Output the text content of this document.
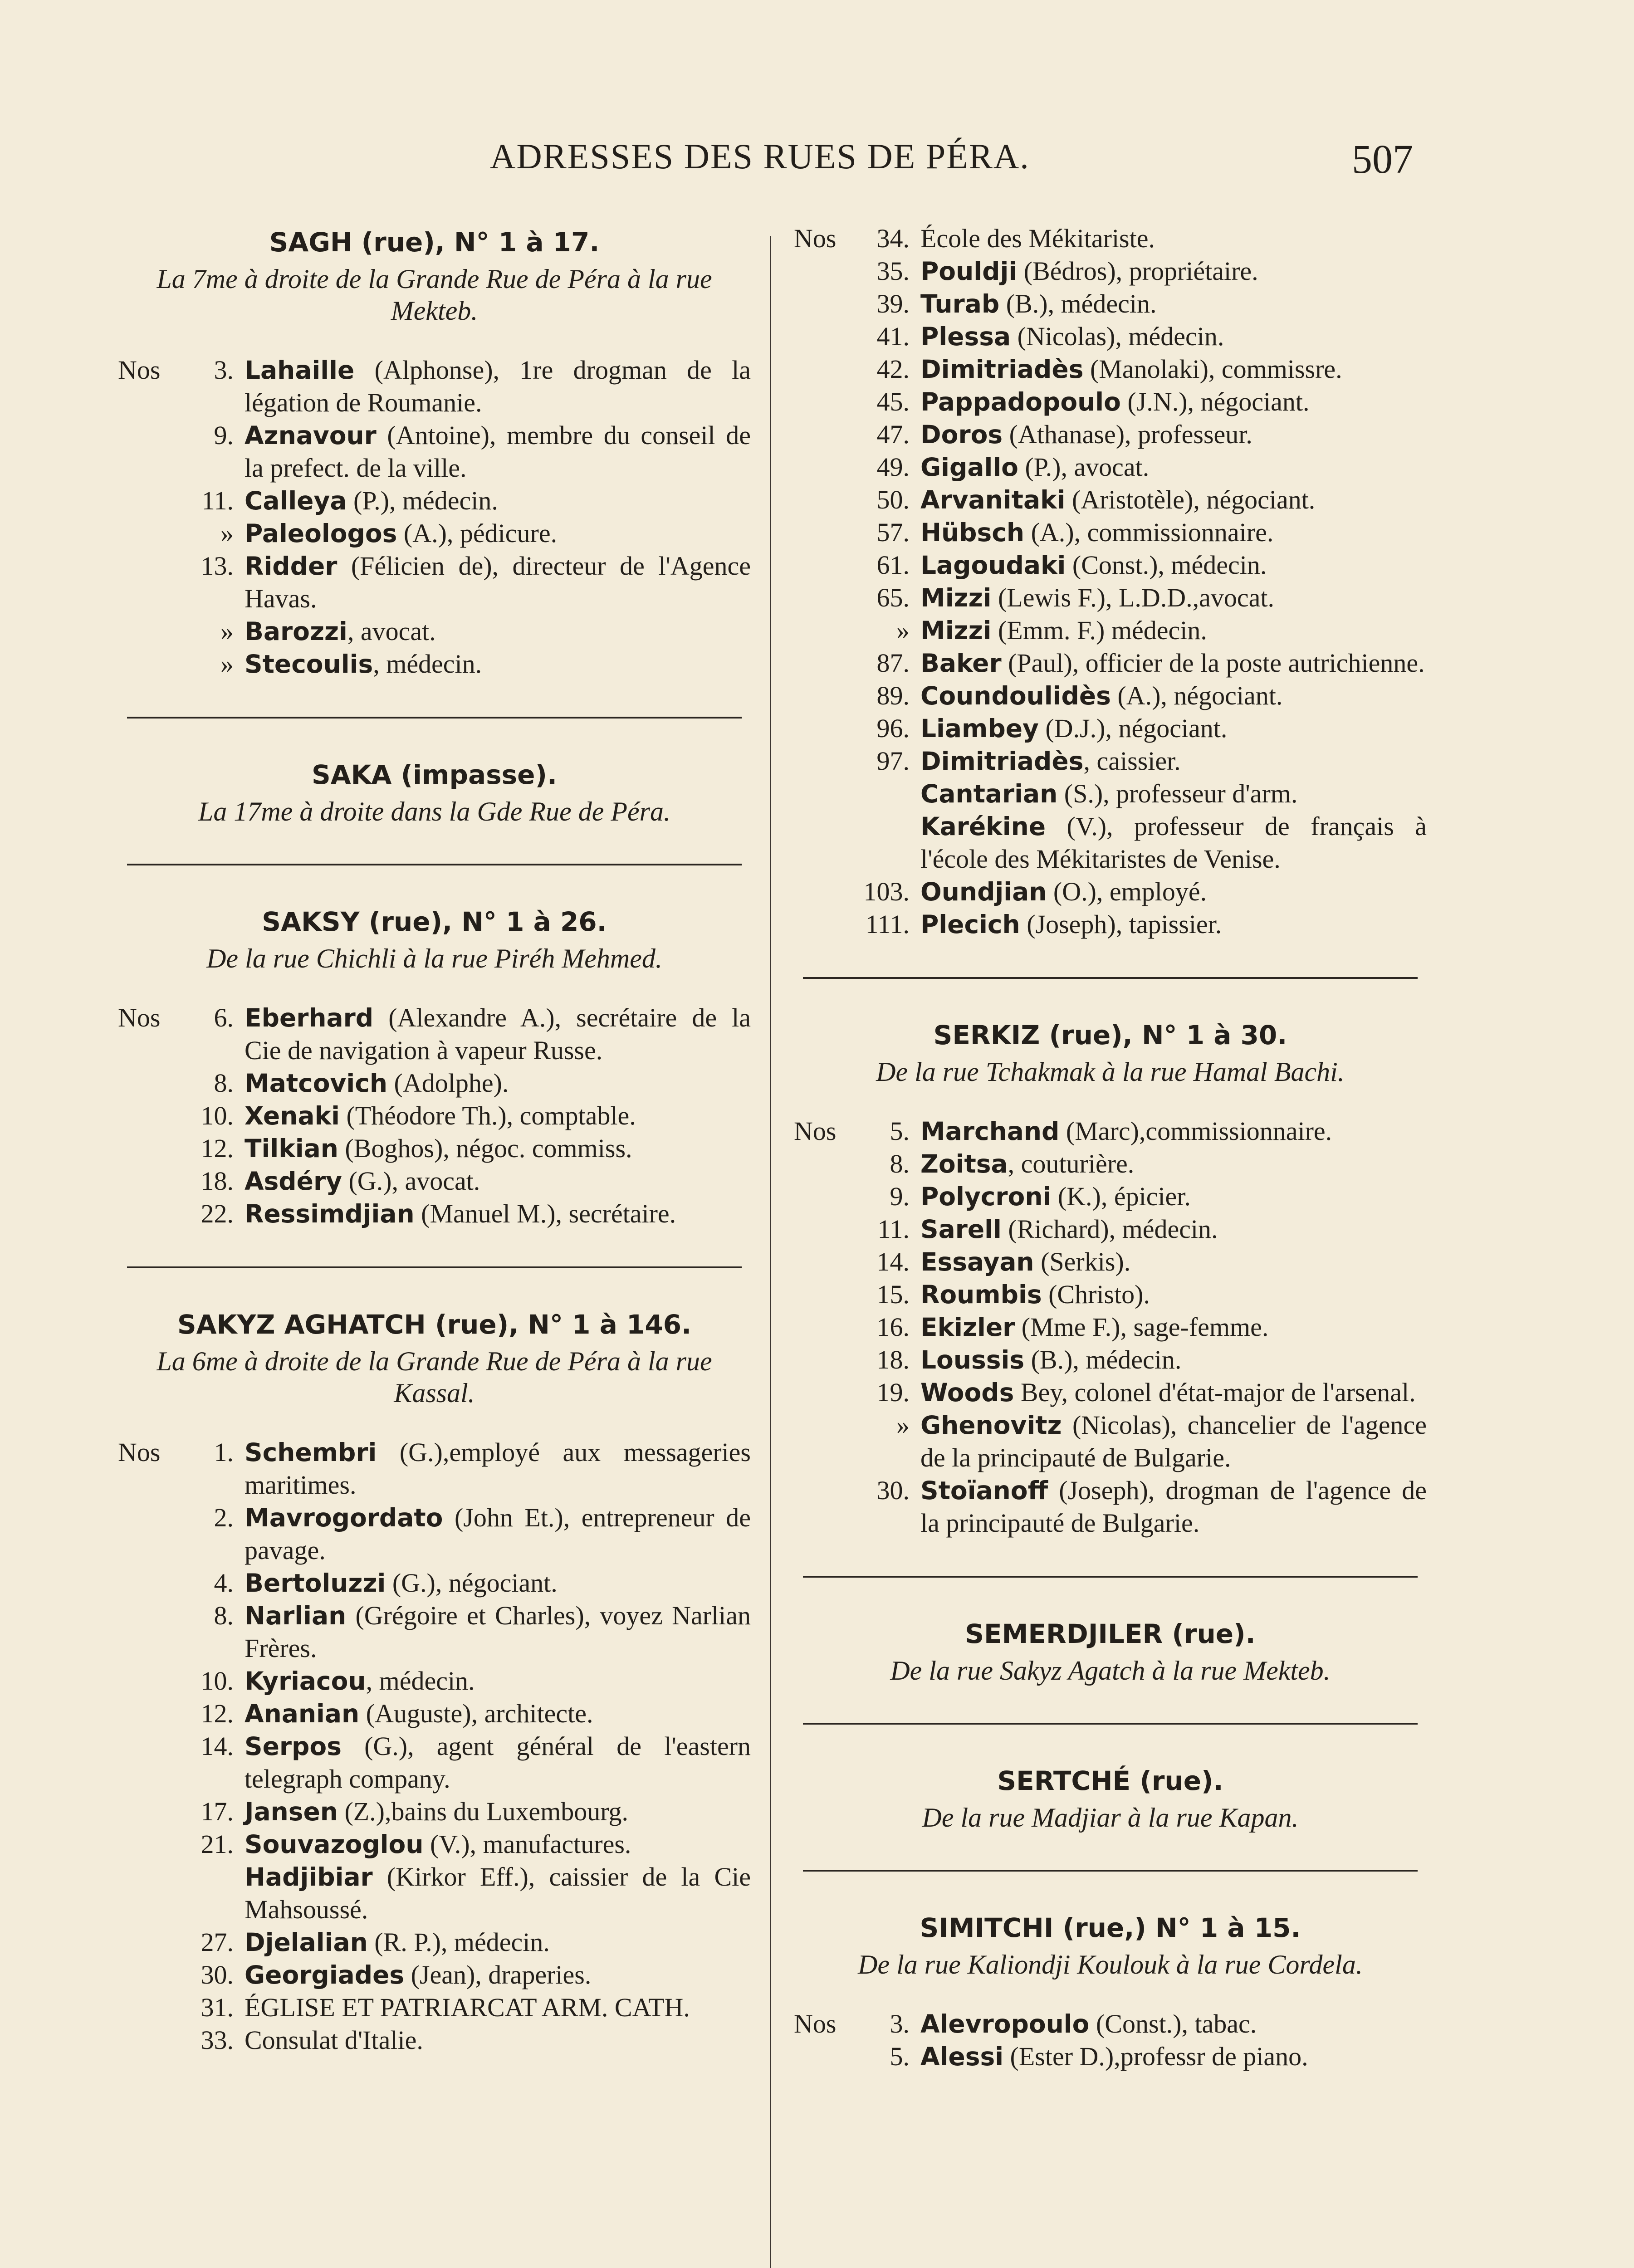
ADRESSES DES RUES DE PÉRA.	507
SAGH (rue), N° 1 à 17.
La 7me à droite de la Grande Rue de Péra à la rue Mekteb.
Nos	3. Lahaille (Alphonse), 1re drogman de la légation de Roumanie.
9. Aznavour (Antoine), membre du conseil de la prefect. de la ville.
11. Calleya (P.), médecin.
» Paleologos (A.), pédicure.
13. Ridder (Félicien de), directeur de l'Agence Havas.
» Barozzi, avocat.
» Stecoulis, médecin.
SAKA (impasse).
La 17me à droite dans la Gde Rue de Péra.
SAKSY (rue), N° 1 à 26.
De la rue Chichli à la rue Piréh Mehmed.
Nos	6. Eberhard (Alexandre A.), secrétaire de la Cie de navigation à vapeur Russe.
8. Matcovich (Adolphe).
10. Xenaki (Théodore Th.), comptable.
12. Tilkian (Boghos), négoc. commiss.
18. Asdéry (G.), avocat.
22. Ressimdjian (Manuel M.), secrétaire.
SAKYZ AGHATCH (rue), N° 1 à 146.
La 6me à droite de la Grande Rue de Péra à la rue Kassal.
Nos	1. Schembri (G.),employé aux messageries maritimes.
2. Mavrogordato (John Et.), entrepreneur de pavage.
4. Bertoluzzi (G.), négociant.
8. Narlian (Grégoire et Charles), voyez Narlian Frères.
10. Kyriacou, médecin.
12. Ananian (Auguste), architecte.
14. Serpos (G.), agent général de l'eastern telegraph company.
17. Jansen (Z.),bains du Luxembourg.
21. Souvazoglou (V.), manufactures.
Hadjibiar (Kirkor Eff.), caissier de la Cie Mahsoussé.
27. Djelalian (R. P.), médecin.
30. Georgiades (Jean), draperies.
31. ÉGLISE ET PATRIARCAT ARM. CATH.
33. Consulat d'Italie.
Nos	34. École des Mékitariste.
35. Pouldji (Bédros), propriétaire.
39. Turab (B.), médecin.
41. Plessa (Nicolas), médecin.
42. Dimitriadès (Manolaki), commissre.
45. Pappadopoulo (J.N.), négociant.
47. Doros (Athanase), professeur.
49. Gigallo (P.), avocat.
50. Arvanitaki (Aristotèle), négociant.
57. Hübsch (A.), commissionnaire.
61. Lagoudaki (Const.), médecin.
65. Mizzi (Lewis F.), L.D.D.,avocat.
» Mizzi (Emm. F.) médecin.
87. Baker (Paul), officier de la poste autrichienne.
89. Coundoulidès (A.), négociant.
96. Liambey (D.J.), négociant.
97. Dimitriadès, caissier.
Cantarian (S.), professeur d'arm.
Karékine (V.), professeur de français à l'école des Mékitaristes de Venise.
103. Oundjian (O.), employé.
111. Plecich (Joseph), tapissier.
SERKIZ (rue), N° 1 à 30.
De la rue Tchakmak à la rue Hamal Bachi.
Nos	5. Marchand (Marc),commissionnaire.
8. Zoitsa, couturière.
9. Polycroni (K.), épicier.
11. Sarell (Richard), médecin.
14. Essayan (Serkis).
15. Roumbis (Christo).
16. Ekizler (Mme F.), sage-femme.
18. Loussis (B.), médecin.
19. Woods Bey, colonel d'état-major de l'arsenal.
» Ghenovitz (Nicolas), chancelier de l'agence de la principauté de Bulgarie.
30. Stoïanoff (Joseph), drogman de l'agence de la principauté de Bulgarie.
SEMERDJILER (rue).
De la rue Sakyz Agatch à la rue Mekteb.
SERTCHÉ (rue).
De la rue Madjiar à la rue Kapan.
SIMITCHI (rue,) N° 1 à 15.
De la rue Kaliondji Koulouk à la rue Cordela.
Nos	3. Alevropoulo (Const.), tabac.
5. Alessi (Ester D.),professr de piano.
